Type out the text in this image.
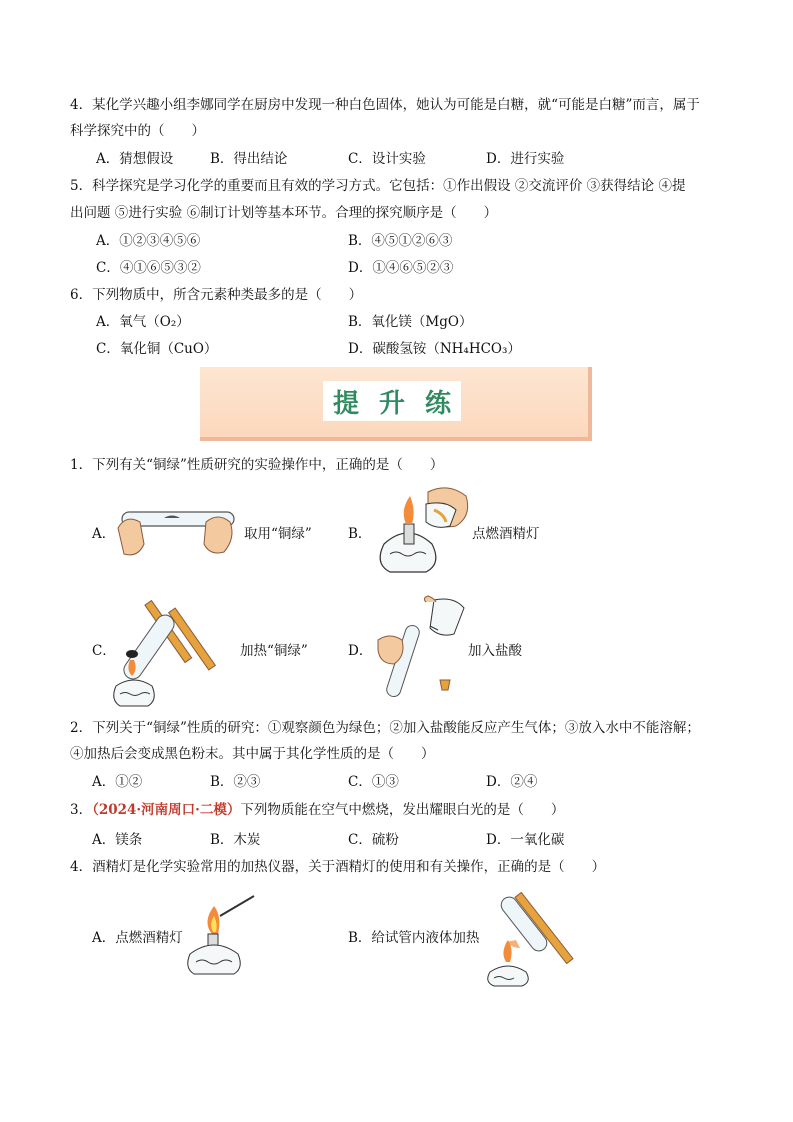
4．某化学兴趣小组李娜同学在厨房中发现一种白色固体，她认为可能是白糖，就“可能是白糖”而言，属于
科学探究中的（　　）
A．猜想假设	B．得出结论	C．设计实验	D．进行实验
5．科学探究是学习化学的重要而且有效的学习方式。它包括：①作出假设 ②交流评价 ③获得结论 ④提
出问题 ⑤进行实验 ⑥制订计划等基本环节。合理的探究顺序是（　　）
A．①②③④⑤⑥	B．④⑤①②⑥③
C．④①⑥⑤③②	D．①④⑥⑤②③
6．下列物质中，所含元素种类最多的是（　　）
A．氧气（O₂）	B．氧化镁（MgO）
C．氧化铜（CuO）	D．碳酸氢铵（NH₄HCO₃）
提 升 练
1．下列有关“铜绿”性质研究的实验操作中，正确的是（　　）
A．	取用“铜绿”	B．	点燃酒精灯
C．	加热“铜绿”	D．	加入盐酸
2．下列关于“铜绿”性质的研究：①观察颜色为绿色；②加入盐酸能反应产生气体；③放入水中不能溶解；
④加热后会变成黑色粉末。其中属于其化学性质的是（　　）
A．①②	B．②③	C．①③	D．②④
3．（2024·河南周口·二模）下列物质能在空气中燃烧，发出耀眼白光的是（　　）
A．镁条	B．木炭	C．硫粉	D．一氧化碳
4．酒精灯是化学实验常用的加热仪器，关于酒精灯的使用和有关操作，正确的是（　　）
A．点燃酒精灯	B．给试管内液体加热
